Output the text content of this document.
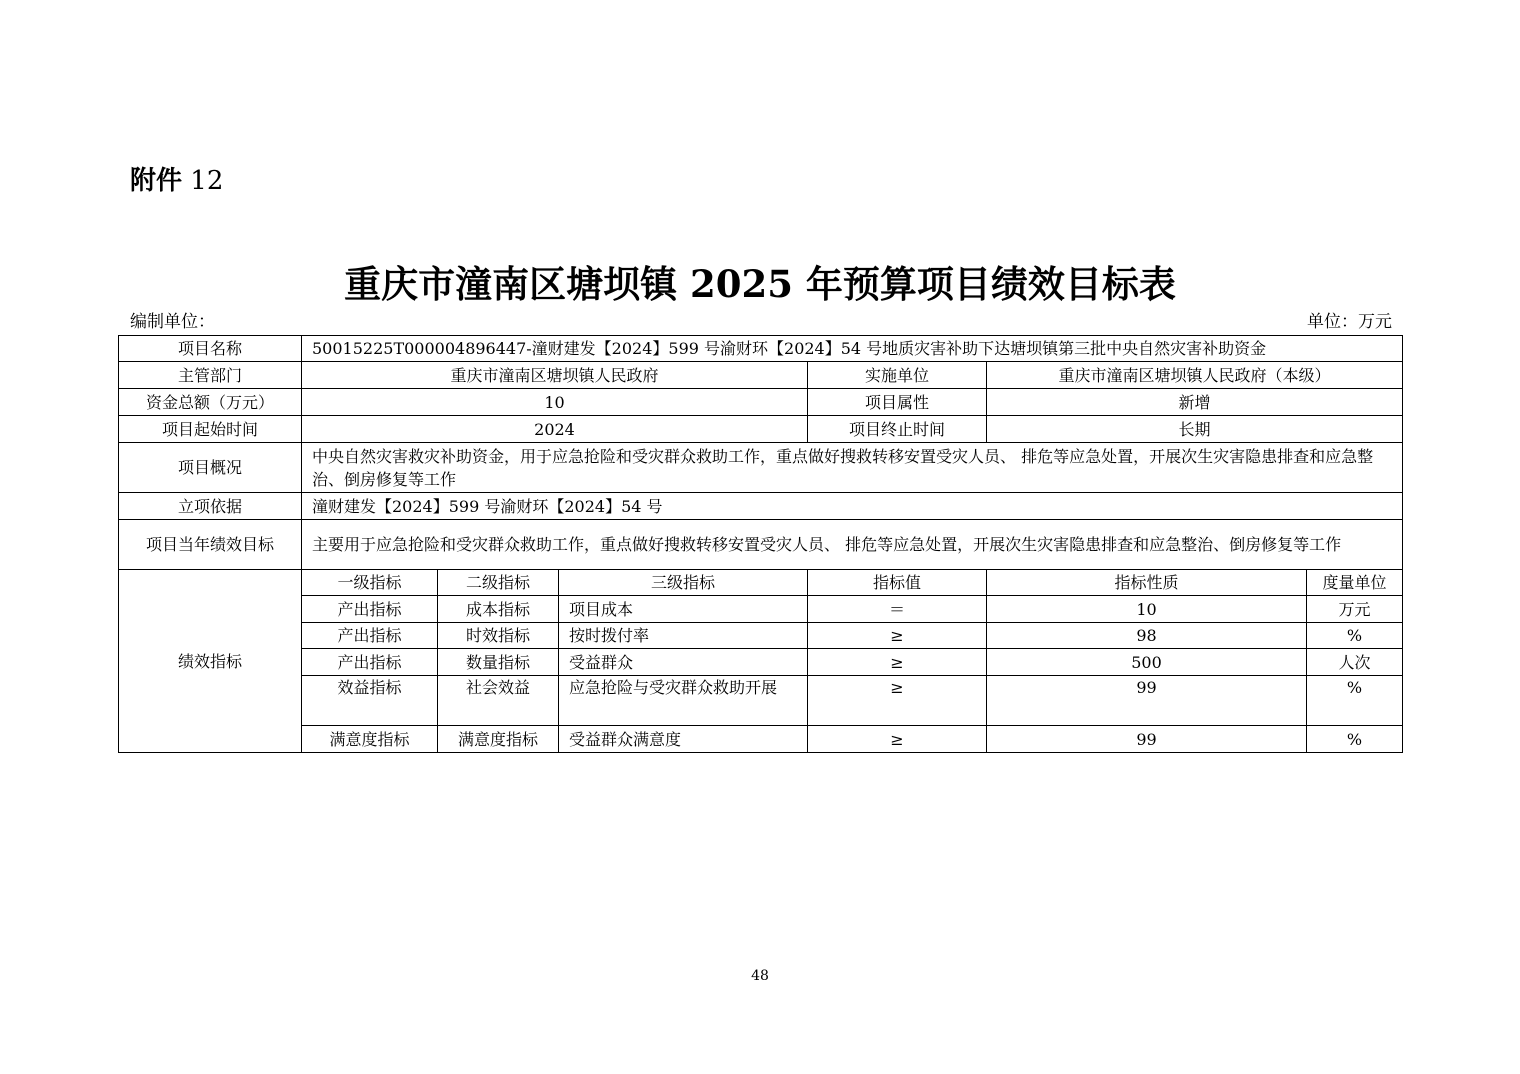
附件 12
重庆市潼南区塘坝镇 2025 年预算项目绩效目标表
编制单位：	单位：万元
项目名称	50015225T000004896447-潼财建发【2024】599 号渝财环【2024】54 号地质灾害补助下达塘坝镇第三批中央自然灾害补助资金					
主管部门	重庆市潼南区塘坝镇人民政府			实施单位	重庆市潼南区塘坝镇人民政府（本级）	
资金总额（万元）	10			项目属性	新增	
项目起始时间	2024			项目终止时间	长期	
项目概况	中央自然灾害救灾补助资金，用于应急抢险和受灾群众救助工作，重点做好搜救转移安置受灾人员、 排危等应急处置，开展次生灾害隐患排查和应急整治、倒房修复等工作					
立项依据	潼财建发【2024】599 号渝财环【2024】54 号					
项目当年绩效目标	主要用于应急抢险和受灾群众救助工作，重点做好搜救转移安置受灾人员、 排危等应急处置，开展次生灾害隐患排查和应急整治、倒房修复等工作					
绩效指标	一级指标	二级指标	三级指标	指标值	指标性质	度量单位
	产出指标	成本指标	项目成本	＝	10	万元
	产出指标	时效指标	按时拨付率	≥	98	%
	产出指标	数量指标	受益群众	≥	500	人次
	效益指标	社会效益	应急抢险与受灾群众救助开展	≥	99	%
	满意度指标	满意度指标	受益群众满意度	≥	99	%
48
